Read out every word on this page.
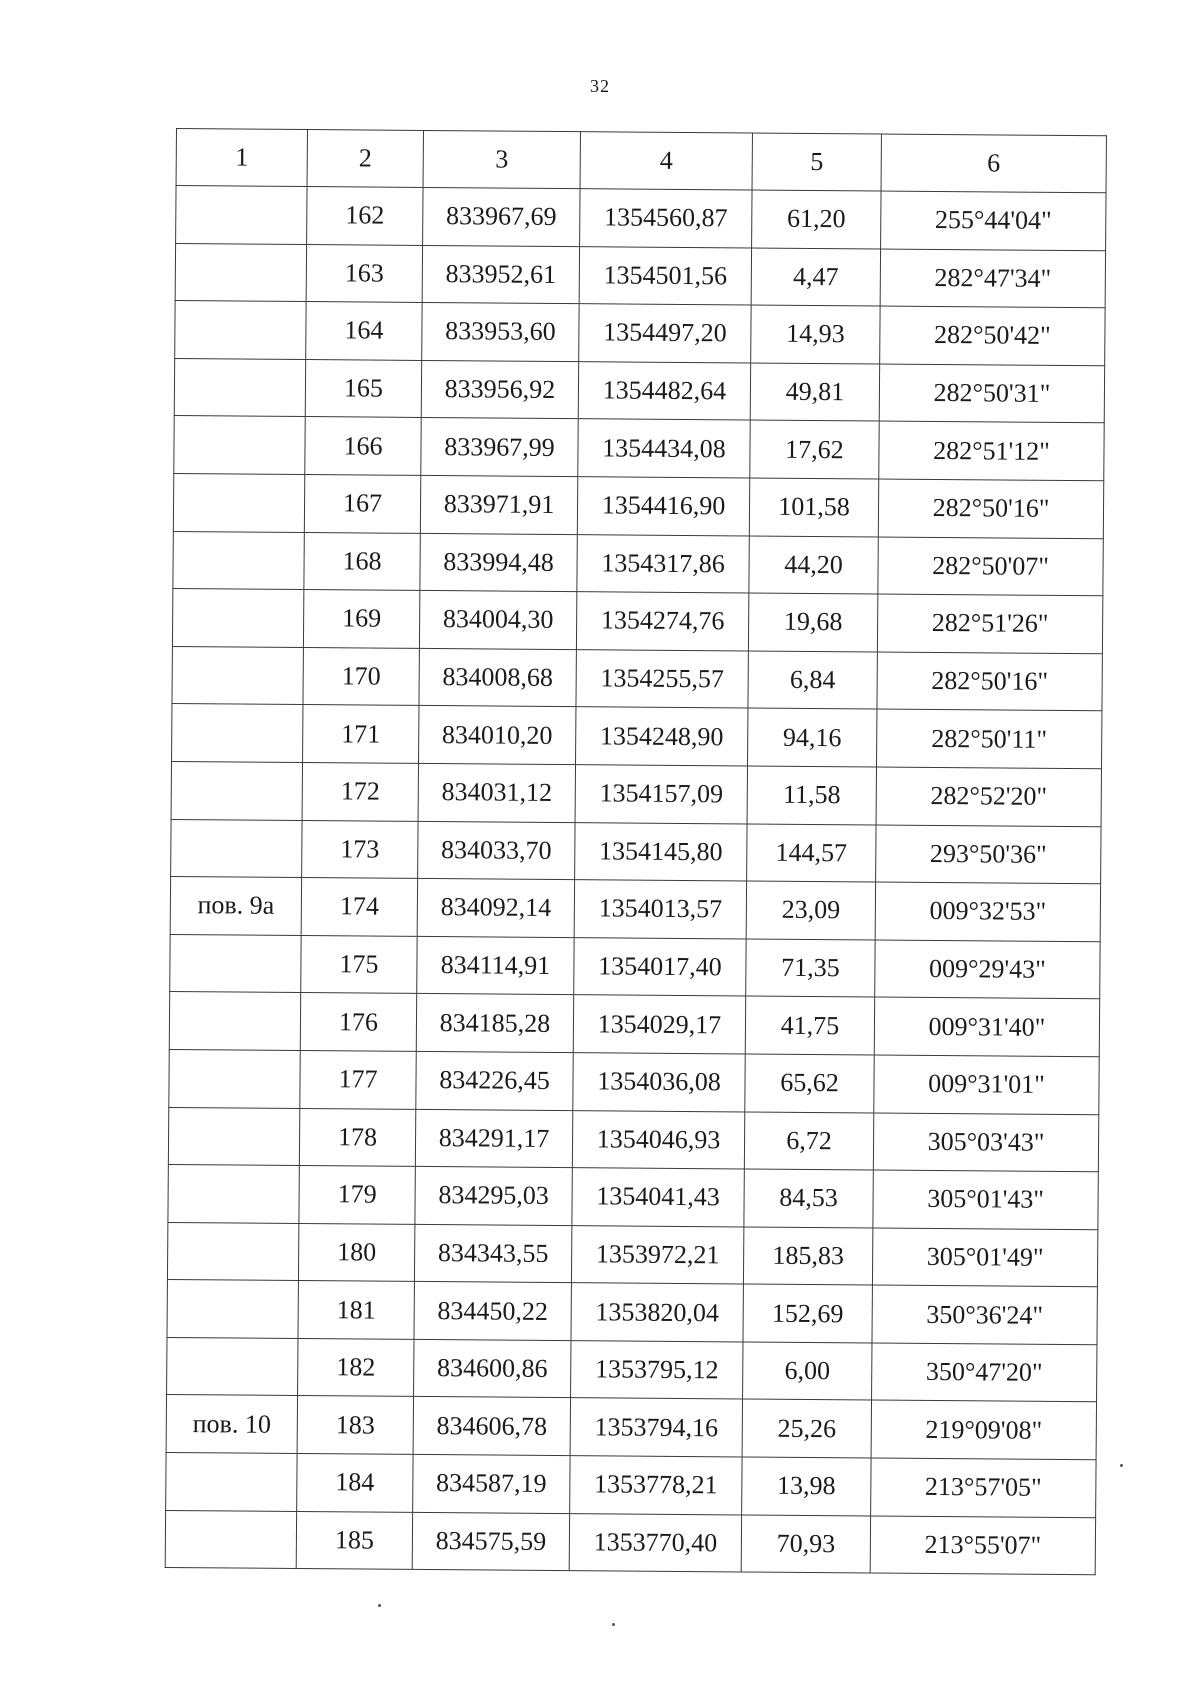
32
1	2	3	4	5	6
	162	833967,69	1354560,87	61,20	255°44'04"
	163	833952,61	1354501,56	4,47	282°47'34"
	164	833953,60	1354497,20	14,93	282°50'42"
	165	833956,92	1354482,64	49,81	282°50'31"
	166	833967,99	1354434,08	17,62	282°51'12"
	167	833971,91	1354416,90	101,58	282°50'16"
	168	833994,48	1354317,86	44,20	282°50'07"
	169	834004,30	1354274,76	19,68	282°51'26"
	170	834008,68	1354255,57	6,84	282°50'16"
	171	834010,20	1354248,90	94,16	282°50'11"
	172	834031,12	1354157,09	11,58	282°52'20"
	173	834033,70	1354145,80	144,57	293°50'36"
пов. 9а	174	834092,14	1354013,57	23,09	009°32'53"
	175	834114,91	1354017,40	71,35	009°29'43"
	176	834185,28	1354029,17	41,75	009°31'40"
	177	834226,45	1354036,08	65,62	009°31'01"
	178	834291,17	1354046,93	6,72	305°03'43"
	179	834295,03	1354041,43	84,53	305°01'43"
	180	834343,55	1353972,21	185,83	305°01'49"
	181	834450,22	1353820,04	152,69	350°36'24"
	182	834600,86	1353795,12	6,00	350°47'20"
пов. 10	183	834606,78	1353794,16	25,26	219°09'08"
	184	834587,19	1353778,21	13,98	213°57'05"
	185	834575,59	1353770,40	70,93	213°55'07"
